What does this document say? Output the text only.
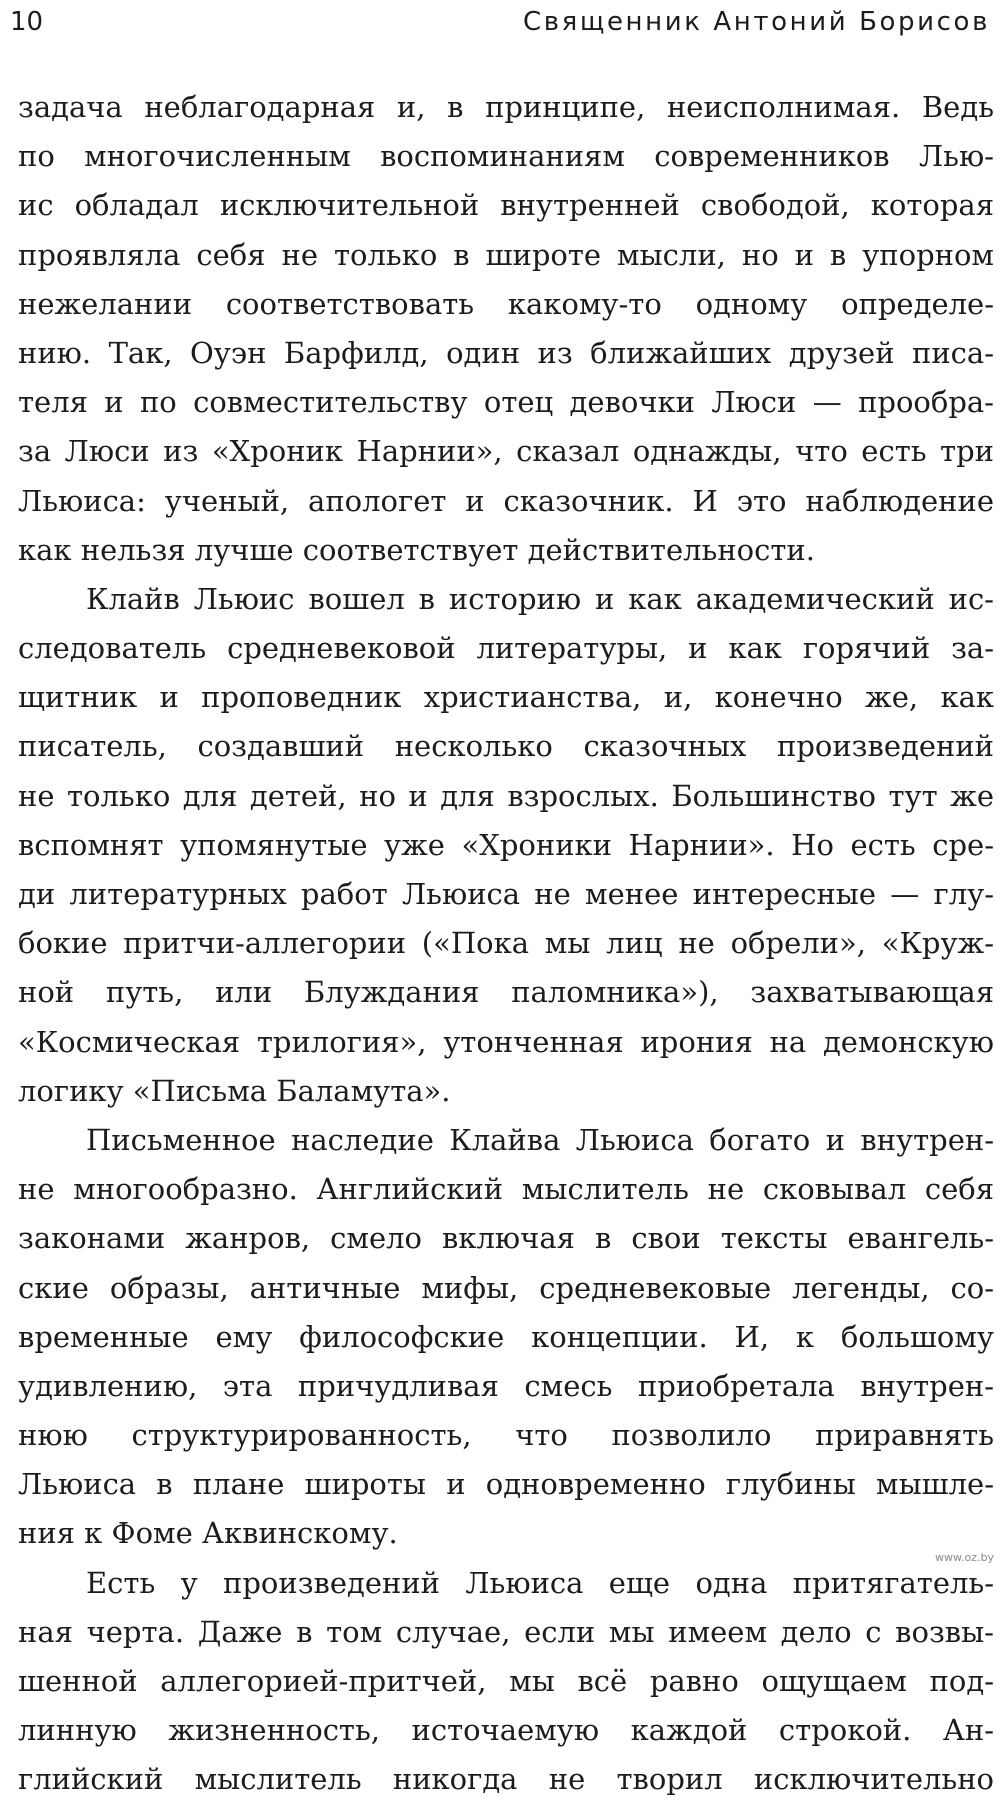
10	Священник Антоний Борисов
задача неблагодарная и, в принципе, неисполнимая. Ведь
по многочисленным воспоминаниям современников Лью-
ис обладал исключительной внутренней свободой, которая
проявляла себя не только в широте мысли, но и в упорном
нежелании соответствовать какому-то одному определе-
нию. Так, Оуэн Барфилд, один из ближайших друзей писа-
теля и по совместительству отец девочки Люси — прообра-
за Люси из «Хроник Нарнии», сказал однажды, что есть три
Льюиса: ученый, апологет и сказочник. И это наблюдение
как нельзя лучше соответствует действительности.
Клайв Льюис вошел в историю и как академический ис-
следователь средневековой литературы, и как горячий за-
щитник и проповедник христианства, и, конечно же, как
писатель, создавший несколько сказочных произведений
не только для детей, но и для взрослых. Большинство тут же
вспомнят упомянутые уже «Хроники Нарнии». Но есть сре-
ди литературных работ Льюиса не менее интересные — глу-
бокие притчи-аллегории («Пока мы лиц не обрели», «Круж-
ной путь, или Блуждания паломника»), захватывающая
«Космическая трилогия», утонченная ирония на демонскую
логику «Письма Баламута».
Письменное наследие Клайва Льюиса богато и внутрен-
не многообразно. Английский мыслитель не сковывал себя
законами жанров, смело включая в свои тексты евангель-
ские образы, античные мифы, средневековые легенды, со-
временные ему философские концепции. И, к большому
удивлению, эта причудливая смесь приобретала внутрен-
нюю структурированность, что позволило приравнять
Льюиса в плане широты и одновременно глубины мышле-
ния к Фоме Аквинскому.
Есть у произведений Льюиса еще одна притягатель-
ная черта. Даже в том случае, если мы имеем дело с возвы-
шенной аллегорией-притчей, мы всё равно ощущаем под-
линную жизненность, источаемую каждой строкой. Ан-
глийский мыслитель никогда не творил исключительно
www.oz.by
